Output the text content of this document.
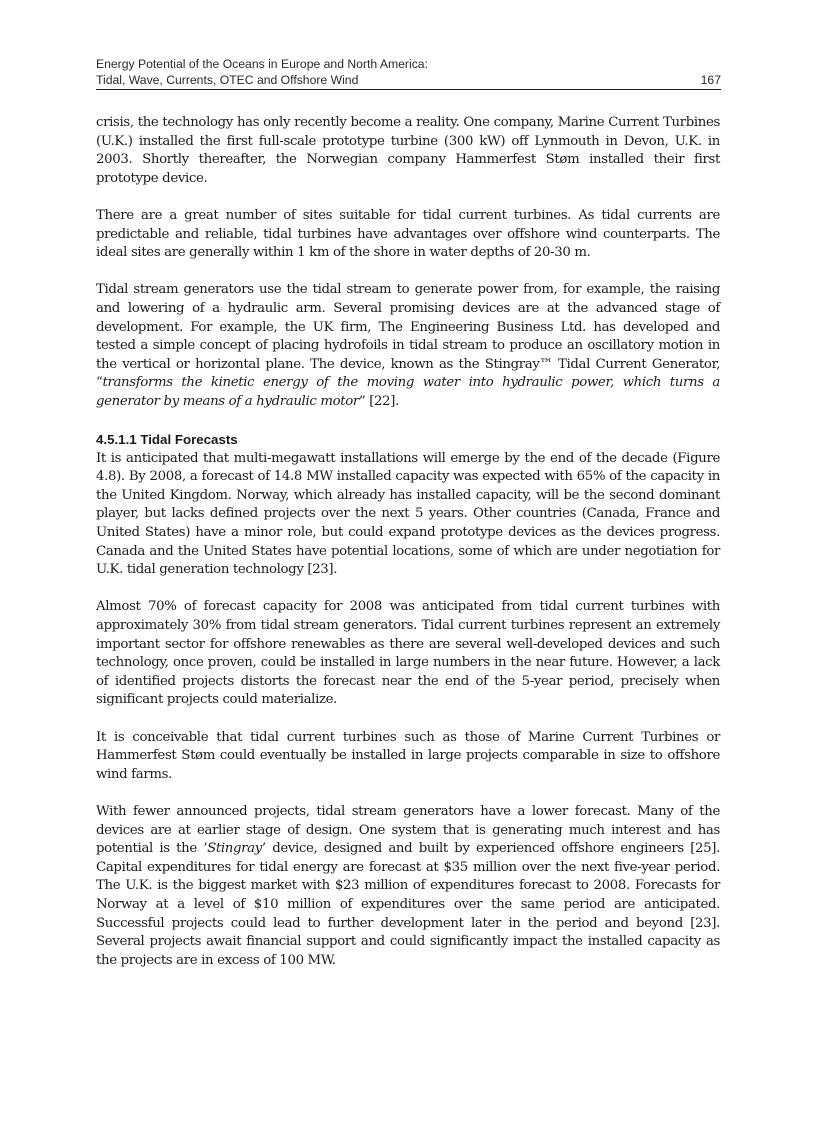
Energy Potential of the Oceans in Europe and North America:
Tidal, Wave, Currents, OTEC and Offshore Wind	167

crisis, the technology has only recently become a reality. One company, Marine Current Turbines (U.K.) installed the first full-scale prototype turbine (300 kW) off Lynmouth in Devon, U.K. in 2003. Shortly thereafter, the Norwegian company Hammerfest Støm installed their first prototype device.

There are a great number of sites suitable for tidal current turbines. As tidal currents are predictable and reliable, tidal turbines have advantages over offshore wind counterparts. The ideal sites are generally within 1 km of the shore in water depths of 20-30 m.

Tidal stream generators use the tidal stream to generate power from, for example, the raising and lowering of a hydraulic arm. Several promising devices are at the advanced stage of development. For example, the UK firm, The Engineering Business Ltd. has developed and tested a simple concept of placing hydrofoils in tidal stream to produce an oscillatory motion in the vertical or horizontal plane. The device, known as the Stingray™ Tidal Current Generator, “transforms the kinetic energy of the moving water into hydraulic power, which turns a generator by means of a hydraulic motor” [22].

4.5.1.1 Tidal Forecasts

It is anticipated that multi-megawatt installations will emerge by the end of the decade (Figure 4.8). By 2008, a forecast of 14.8 MW installed capacity was expected with 65% of the capacity in the United Kingdom. Norway, which already has installed capacity, will be the second dominant player, but lacks defined projects over the next 5 years. Other countries (Canada, France and United States) have a minor role, but could expand prototype devices as the devices progress. Canada and the United States have potential locations, some of which are under negotiation for U.K. tidal generation technology [23].

Almost 70% of forecast capacity for 2008 was anticipated from tidal current turbines with approximately 30% from tidal stream generators. Tidal current turbines represent an extremely important sector for offshore renewables as there are several well-developed devices and such technology, once proven, could be installed in large numbers in the near future. However, a lack of identified projects distorts the forecast near the end of the 5-year period, precisely when significant projects could materialize.

It is conceivable that tidal current turbines such as those of Marine Current Turbines or Hammerfest Støm could eventually be installed in large projects comparable in size to offshore wind farms.

With fewer announced projects, tidal stream generators have a lower forecast. Many of the devices are at earlier stage of design. One system that is generating much interest and has potential is the ‘Stingray’ device, designed and built by experienced offshore engineers [25]. Capital expenditures for tidal energy are forecast at $35 million over the next five-year period. The U.K. is the biggest market with $23 million of expenditures forecast to 2008. Forecasts for Norway at a level of $10 million of expenditures over the same period are anticipated. Successful projects could lead to further development later in the period and beyond [23]. Several projects await financial support and could significantly impact the installed capacity as the projects are in excess of 100 MW.
